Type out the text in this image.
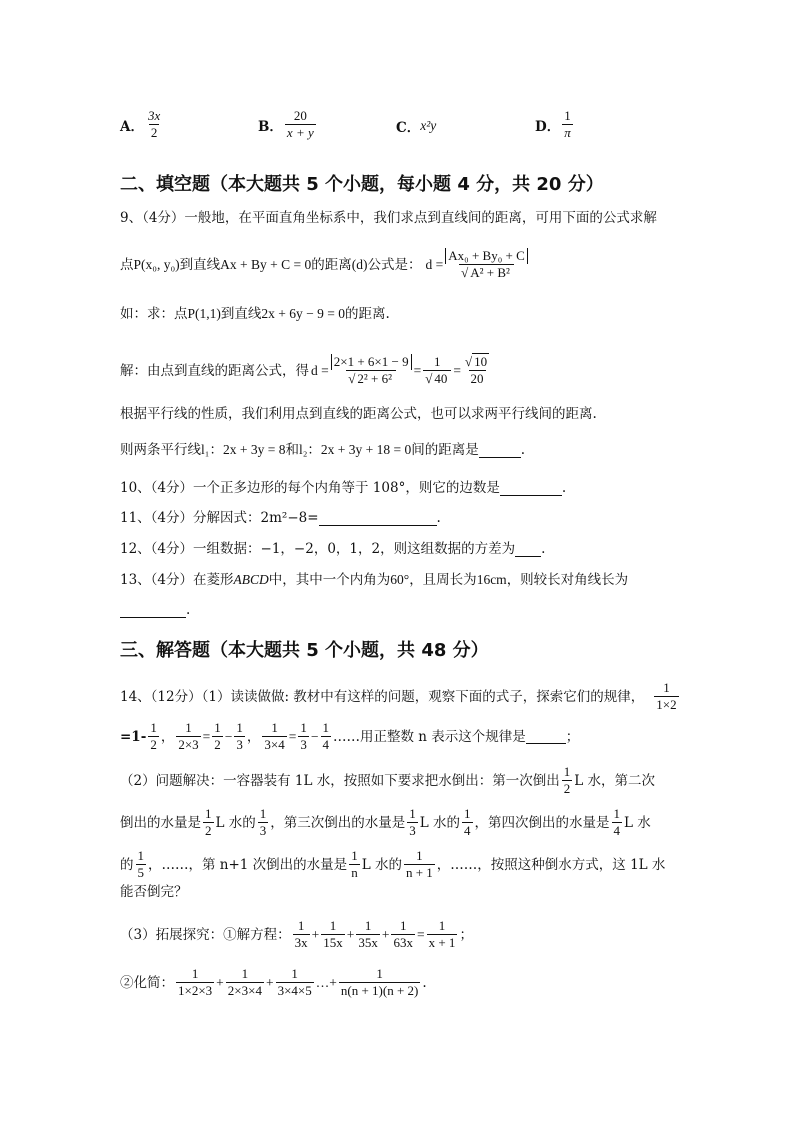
A． $\frac{3x}{2}$	B． $\frac{20}{x + y}$	C． x²y	D． $\frac{1}{\pi}$
二、填空题（本大题共 5 个小题，每小题 4 分，共 20 分）
9、（4分）一般地，在平面直角坐标系中，我们求点到直线间的距离，可用下面的公式求解
点 P(x₀, y₀) 到直线 Ax + By + C = 0 的距离 (d) 公式是： $d = \frac{\text{Ax₀ + By₀ + C}}{\text{√ A² + B²}}$
如：求：点 P(1,1) 到直线 2x + 6y − 9 = 0 的距离.
解：由点到直线的距离公式，得 $d = \frac{2\times 1 + 6\times 1 - 9}{\text{√ 2² + 6²}} = \frac{1}{√ 40} = \frac{√ 10}{20}$
根据平行线的性质，我们利用点到直线的距离公式，也可以求两平行线间的距离.
则两条平行线 l₁ ：2x + 3y = 8 和 l₂ ：2x + 3y + 18 = 0 间的距离是	.
10、（4分）一个正多边形的每个内角等于 108°，则它的边数是	.
11、（4分）分解因式：2m²−8=	.
12、（4分）一组数据：−1，−2，0，1，2，则这组数据的方差为 .
13、（4分）在菱形 ABCD 中，其中一个内角为 60° ，且周长为 16cm ，则较长对角线长为
.
三、解答题（本大题共 5 个小题，共 48 分）
14、（12分）（1）读读做做: 教材中有这样的问题，观察下面的式子，探索它们的规律， $\frac{1}{1\times 2}$
$=1- \frac{1}{2}$ ， $\frac{1}{2\times 3} = \frac{1}{2} - \frac{1}{3}$ ， $\frac{1}{3\times 4} = \frac{1}{3} - \frac{1}{4}$ ……用正整数 n 表示这个规律是	；
（2）问题解决：一容器装有 1L 水，按照如下要求把水倒出：第一次倒出 $\frac{1}{2}$ L 水，第二次
倒出的水量是 $\frac{1}{2}$ L 水的 $\frac{1}{3}$ ，第三次倒出的水量是 $\frac{1}{3}$ L 水的 $\frac{1}{4}$ ，第四次倒出的水量是 $\frac{1}{4}$ L 水
的 $\frac{1}{5}$ ，……，第 n+1 次倒出的水量是 $\frac{1}{n}$ L 水的 $\frac{1}{n + 1}$ ，……，按照这种倒水方式，这 1L 水
能否倒完？
（3）拓展探究：①解方程： $\frac{1}{3x} + \frac{1}{15x} + \frac{1}{35x} + \frac{1}{63x} = \frac{1}{x + 1}$ ；
②化简： $\frac{1}{1\times 2\times 3} + \frac{1}{2\times 3\times 4} + \frac{1}{3\times 4\times 5}$ …+ $\frac{1}{n(n + 1)(n + 2)}$ .
